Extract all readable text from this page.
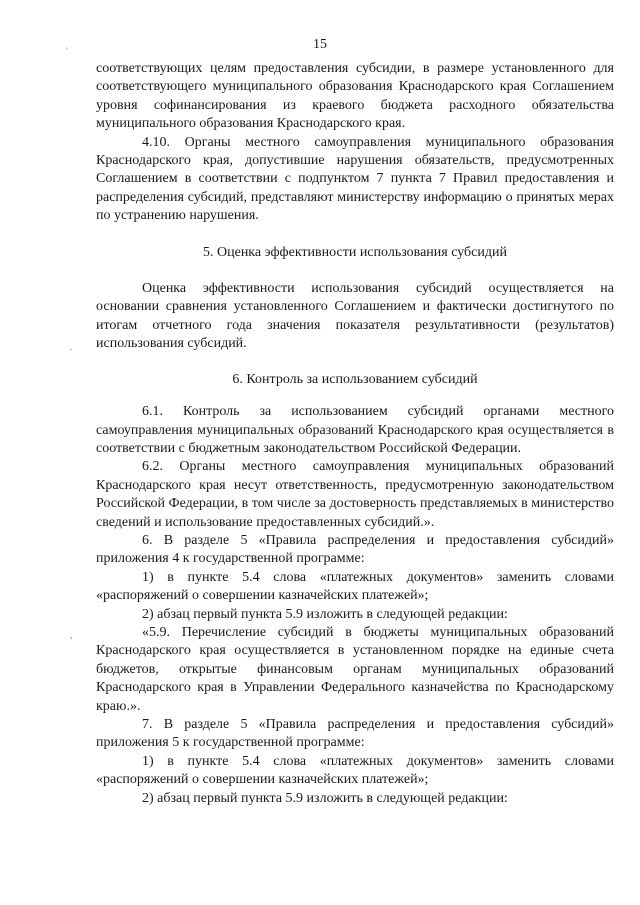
15
'
.
,

соответствующих целям предоставления субсидии, в размере установленного для соответствующего муниципального образования Краснодарского края Соглашением уровня софинансирования из краевого бюджета расходного обязательства муниципального образования Краснодарского края.

4.10. Органы местного самоуправления муниципального образования Краснодарского края, допустившие нарушения обязательств, предусмотренных Соглашением в соответствии с подпунктом 7 пункта 7 Правил предоставления и распределения субсидий, представляют министерству информацию о принятых мерах по устранению нарушения.

5. Оценка эффективности использования субсидий

Оценка эффективности использования субсидий осуществляется на основании сравнения установленного Соглашением и фактически достигнутого по итогам отчетного года значения показателя результативности (результатов) использования субсидий.

6. Контроль за использованием субсидий

6.1. Контроль за использованием субсидий органами местного самоуправления муниципальных образований Краснодарского края осуществляется в соответствии с бюджетным законодательством Российской Федерации.

6.2. Органы местного самоуправления муниципальных образований Краснодарского края несут ответственность, предусмотренную законодательством Российской Федерации, в том числе за достоверность представляемых в министерство сведений и использование предоставленных субсидий.».

6. В разделе 5 «Правила распределения и предоставления субсидий» приложения 4 к государственной программе:

1) в пункте 5.4 слова «платежных документов» заменить словами «распоряжений о совершении казначейских платежей»;

2) абзац первый пункта 5.9 изложить в следующей редакции:

«5.9. Перечисление субсидий в бюджеты муниципальных образований Краснодарского края осуществляется в установленном порядке на единые счета бюджетов, открытые финансовым органам муниципальных образований Краснодарского края в Управлении Федерального казначейства по Краснодарскому краю.».

7. В разделе 5 «Правила распределения и предоставления субсидий» приложения 5 к государственной программе:

1) в пункте 5.4 слова «платежных документов» заменить словами «распоряжений о совершении казначейских платежей»;

2) абзац первый пункта 5.9 изложить в следующей редакции:
